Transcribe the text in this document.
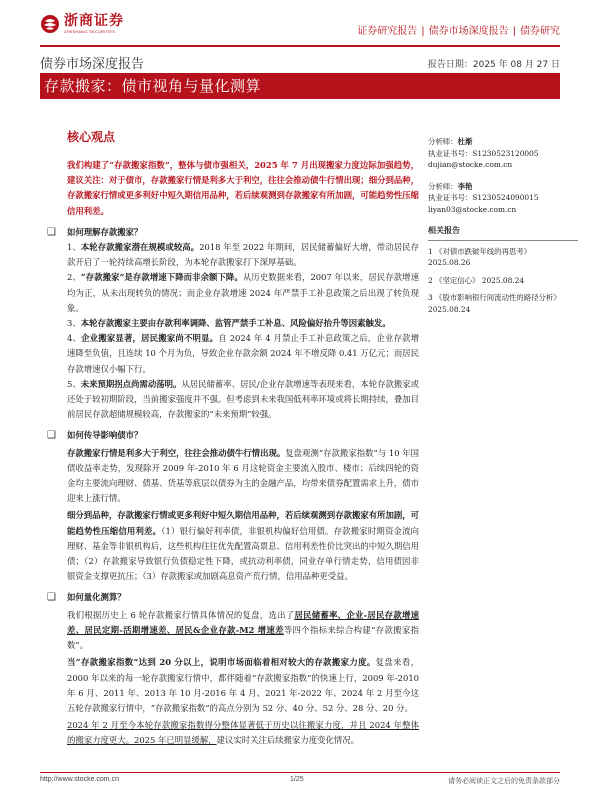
浙商证券
ZHESHANG SECURITIES	证券研究报告 | 债券市场深度报告 | 债券研究
债券市场深度报告	报告日期：2025 年 08 月 27 日
存款搬家：债市视角与量化测算
核心观点
我们构建了“存款搬家指数”，整体与债市强相关，2025 年 7 月出现搬家力度边际加强趋势，建议关注：对于债市，存款搬家行情是利多大于利空，往往会推动债牛行情出现；细分到品种，存款搬家行情或更多利好中短久期信用品种，若后续观测到存款搬家有所加剧，可能趋势性压缩信用利差。
❑ 如何理解存款搬家？
1、本轮存款搬家潜在规模或较高。2018 年至 2022 年期间，居民储蓄偏好大增，带动居民存款开启了一轮持续高增长阶段，为本轮存款搬家打下深厚基础。
2、“存款搬家”是存款增速下降而非余额下降。从历史数据来看，2007 年以来，居民存款增速均为正，从未出现转负的情况；而企业存款增速 2024 年严禁手工补息政策之后出现了转负现象。
3、本轮存款搬家主要由存款利率调降、监管严禁手工补息、风险偏好抬升等因素触发。
4、企业搬家显著，居民搬家尚不明显。自 2024 年 4 月禁止手工补息政策之后，企业存款增速降至负值，且连续 10 个月为负，导致企业存款余额 2024 年不增反降 0.41 万亿元；而居民存款增速仅小幅下行。
5、未来预期拐点尚需动荡明。从居民储蓄率、居民/企业存款增速等表现来看，本轮存款搬家或还处于较初期阶段，当前搬家强度并不强。但考虑到未来我国低利率环境或将长期持续，叠加目前居民存款超储规模较高，存款搬家的“未来预期”较强。
❑ 如何传导影响债市？
存款搬家行情是利多大于利空，往往会推动债牛行情出现。复盘观测“存款搬家指数”与 10 年国债收益率走势，发现除开 2009 年-2010 年 6 月这轮资金主要流入股市、楼市；后续四轮的资金均主要流向理财、债基、货基等底层以债券为主的金融产品，均带来债券配置需求上升，债市迎来上涨行情。
细分到品种，存款搬家行情或更多利好中短久期信用品种，若后续观测到存款搬家有所加剧，可能趋势性压缩信用利差。（1）银行偏好利率债，非银机构偏好信用债。存款搬家时期资金流向理财、基金等非银机构后，这些机构往往优先配置高票息、信用利差性价比突出的中短久期信用债；（2）存款搬家导致银行负债稳定性下降，或抗动利率债，同业存单行情走势，信用债因非银资金支撑更抗压；（3）存款搬家或加剧高息资产荒行情，信用品种更受益。
❑ 如何量化测算？
我们根据历史上 6 轮存款搬家行情具体情况的复盘，选出了居民储蓄率、企业-居民存款增速差、居民定期-活期增速差、居民&企业存款-M2 增速差等四个指标来综合构建“存款搬家指数”。
当“存款搬家指数”达到 20 分以上，说明市场面临着相对较大的存款搬家力度。复盘来看，2000 年以来的每一轮存款搬家行情中，都伴随着“存款搬家指数”的快速上行，2009 年-2010 年 6 月、2011 年、2013 年 10 月-2016 年 4 月、2021 年-2022 年、2024 年 2 月至今这五轮存款搬家行情中，“存款搬家指数”的高点分别为 52 分、40 分、52 分、28 分、20 分。
2024 年 2 月至今本轮存款搬家指数得分整体显著低于历史以往搬家力度，并且 2024 年整体的搬家力度更大。2025 年已明显缓解，建议实时关注后续搬家力度变化情况。
分析师：杜渐
执业证书号：S1230523120005
dujian@stocke.com.cn
分析师：李艳
执业证书号：S1230524090015
liyan03@stocke.com.cn
相关报告
1 《对债市跌破年线的再思考》
2025.08.26
2 《坚定信心》 2025.08.24
3 《股市影响银行间流动性的路径分析》
2025.08.24
http://www.stocke.com.cn	1/25	请务必阅读正文之后的免责条款部分
